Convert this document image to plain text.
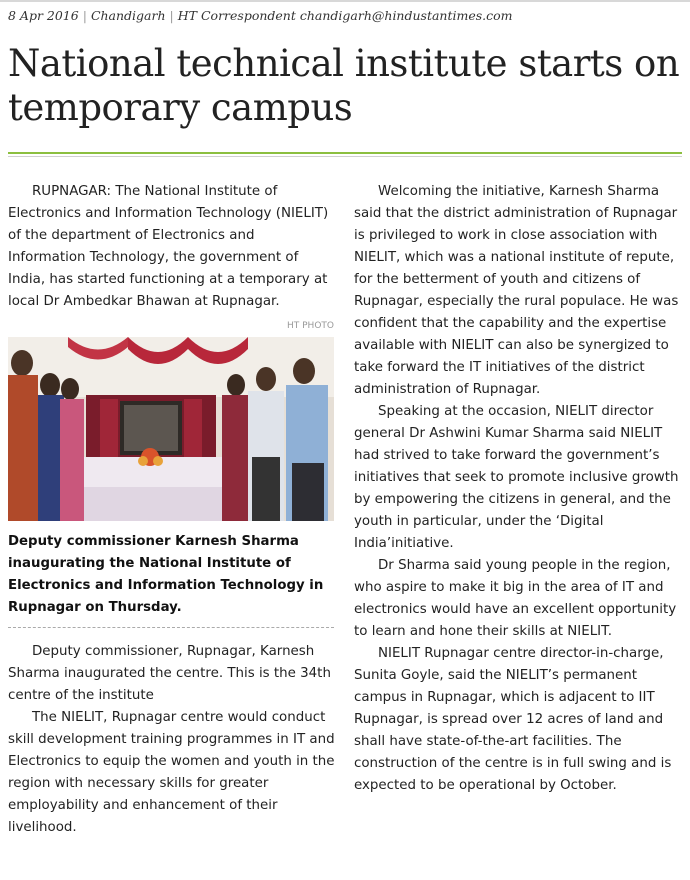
8 Apr 2016 | Chandigarh | HT Correspondent chandigarh@hindustantimes.com
National technical institute starts on temporary campus

RUPNAGAR: The National Institute of Electronics and Information Technology (NIELIT) of the department of Electronics and Information Technology, the government of India, has started functioning at a temporary at local Dr Ambedkar Bhawan at Rupnagar.

HT PHOTO
Deputy commissioner Karnesh Sharma inaugurating the National Institute of Electronics and Information Technology in Rupnagar on Thursday.

Deputy commissioner, Rupnagar, Karnesh Sharma inaugurated the centre. This is the 34th centre of the institute

The NIELIT, Rupnagar centre would conduct skill development training programmes in IT and Electronics to equip the women and youth in the region with necessary skills for greater employability and enhancement of their livelihood.

Welcoming the initiative, Karnesh Sharma said that the district administration of Rupnagar is privileged to work in close association with NIELIT, which was a national institute of repute, for the betterment of youth and citizens of Rupnagar, especially the rural populace. He was confident that the capability and the expertise available with NIELIT can also be synergized to take forward the IT initiatives of the district administration of Rupnagar.

Speaking at the occasion, NIELIT director general Dr Ashwini Kumar Sharma said NIELIT had strived to take forward the government’s initiatives that seek to promote inclusive growth by empowering the citizens in general, and the youth in particular, under the ‘Digital India’initiative.

Dr Sharma said young people in the region, who aspire to make it big in the area of IT and electronics would have an excellent opportunity to learn and hone their skills at NIELIT.

NIELIT Rupnagar centre director-in-charge, Sunita Goyle, said the NIELIT’s permanent campus in Rupnagar, which is adjacent to IIT Rupnagar, is spread over 12 acres of land and shall have state-of-the-art facilities. The construction of the centre is in full swing and is expected to be operational by October.
